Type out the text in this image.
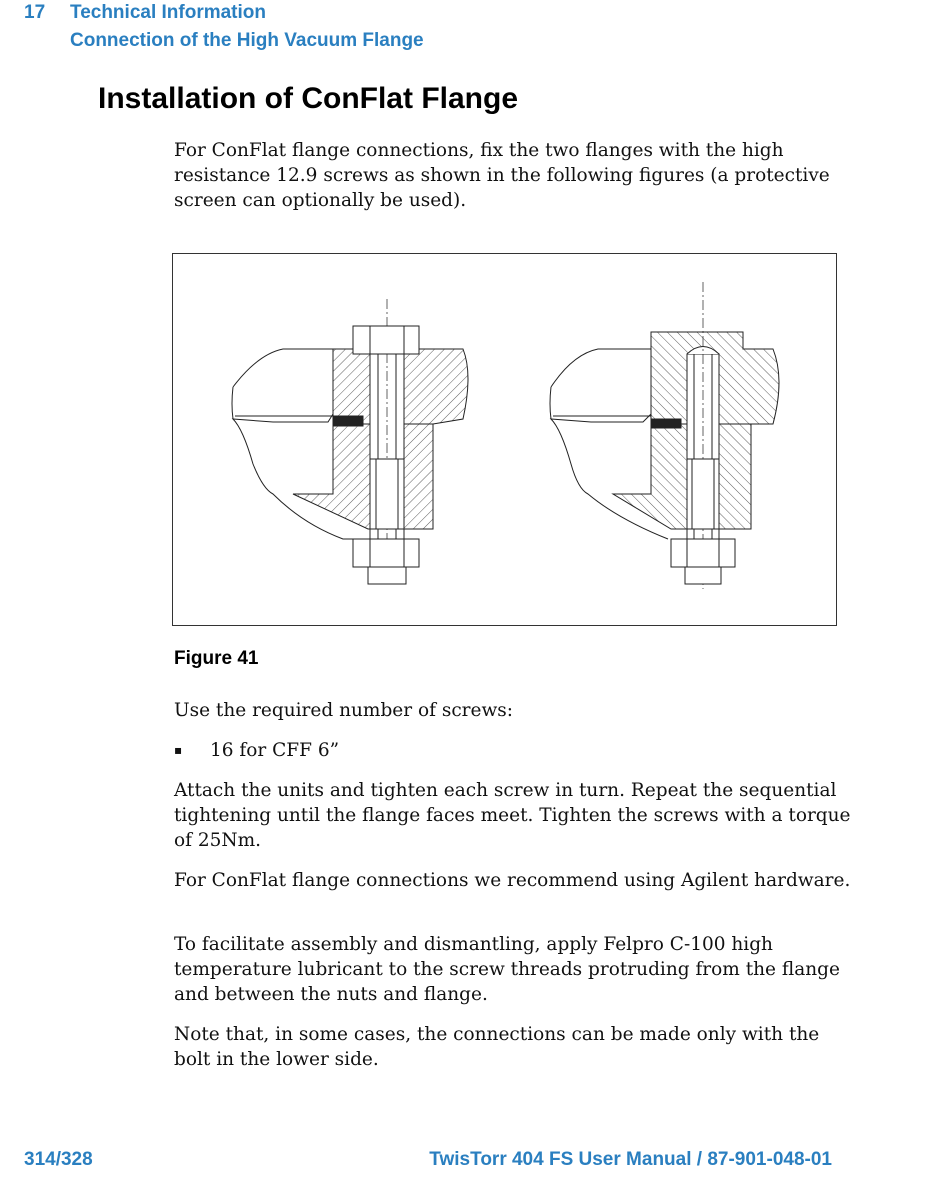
17	Technical Information
Connection of the High Vacuum Flange
Installation of ConFlat Flange

For ConFlat flange connections, fix the two flanges with the high resistance 12.9 screws as shown in the following figures (a protective screen can optionally be used).

Figure 41

Use the required number of screws:

▪	16 for CFF 6”

Attach the units and tighten each screw in turn. Repeat the sequential tightening until the flange faces meet. Tighten the screws with a torque of 25Nm.

For ConFlat flange connections we recommend using Agilent hardware.

To facilitate assembly and dismantling, apply Felpro C-100 high temperature lubricant to the screw threads protruding from the flange and between the nuts and flange.

Note that, in some cases, the connections can be made only with the bolt in the lower side.

314/328	TwisTorr 404 FS User Manual / 87-901-048-01
